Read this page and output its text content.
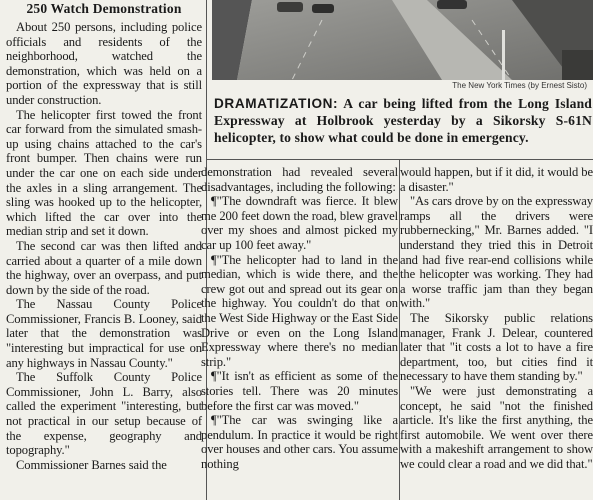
250 Watch Demonstration

About 250 persons, including police officials and residents of the neighborhood, watched the demonstration, which was held on a portion of the expressway that is still under construction.

The helicopter first towed the front car forward from the simulated smash-up using chains attached to the car's front bumper. Then chains were run under the car one on each side under the axles in a sling arrangement. The sling was hooked up to the helicopter, which lifted the car over into the median strip and set it down.

The second car was then lifted and carried about a quarter of a mile down the highway, over an overpass, and put down by the side of the road.

The Nassau County Police Commissioner, Francis B. Looney, said later that the demonstration was "interesting but impractical for use on any highways in Nassau County."

The Suffolk County Police Commissioner, John L. Barry, also called the experiment "interesting, but not practical in our setup because of the expense, geography and topography."

Commissioner Barnes said the

The New York Times (by Ernest Sisto)
DRAMATIZATION: A car being lifted from the Long Island Expressway at Holbrook yesterday by a Sikorsky S-61N helicopter, to show what could be done in emergency.

demonstration had revealed several disadvantages, including the following:

¶"The downdraft was fierce. It blew me 200 feet down the road, blew gravel over my shoes and almost picked my car up 100 feet away."

¶"The helicopter had to land in the median, which is wide there, and the crew got out and spread out its gear on the highway. You couldn't do that on the West Side Highway or the East Side Drive or even on the Long Island Expressway where there's no median strip."

¶"It isn't as efficient as some of the stories tell. There was 20 minutes before the first car was moved."

¶"The car was swinging like a pendulum. In practice it would be right over houses and other cars. You assume nothing

would happen, but if it did, it would be a disaster."

"As cars drove by on the expressway ramps all the drivers were rubbernecking," Mr. Barnes added. "I understand they tried this in Detroit and had five rear-end collisions while the helicopter was working. They had a worse traffic jam than they began with."

The Sikorsky public relations manager, Frank J. Delear, countered later that "it costs a lot to have a fire department, too, but cities find it necessary to have them standing by."

"We were just demonstrating a concept, he said "not the finished article. It's like the first anything, the first automobile. We went over there with a makeshift arrangement to show we could clear a road and we did that."
